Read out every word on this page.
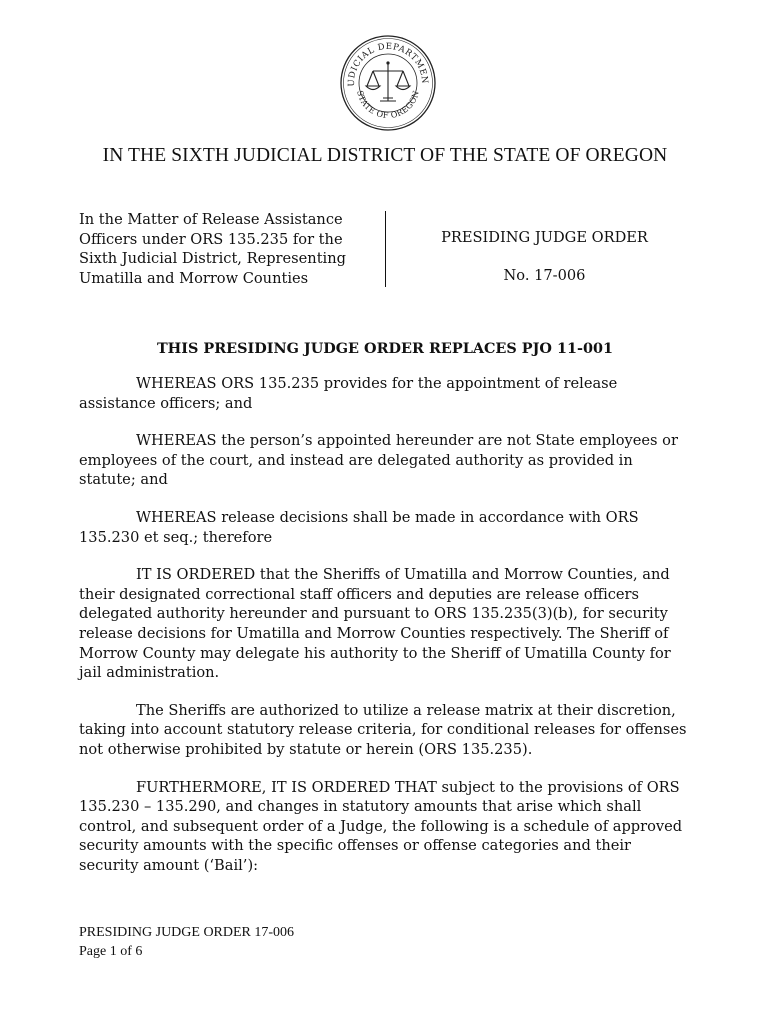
UDICIAL DEPARTMEN
STATE OF OREGON
IN THE SIXTH JUDICIAL DISTRICT OF THE STATE OF OREGON
In the Matter of Release Assistance
Officers under ORS 135.235 for the
Sixth Judicial District, Representing
Umatilla and Morrow Counties
PRESIDING JUDGE ORDER
No. 17-006
THIS PRESIDING JUDGE ORDER REPLACES PJO 11-001

WHEREAS ORS 135.235 provides for the appointment of release assistance officers; and

WHEREAS the person’s appointed hereunder are not State employees or employees of the court, and instead are delegated authority as provided in statute; and

WHEREAS release decisions shall be made in accordance with ORS 135.230 et seq.; therefore

IT IS ORDERED that the Sheriffs of Umatilla and Morrow Counties, and their designated correctional staff officers and deputies are release officers delegated authority hereunder and pursuant to ORS 135.235(3)(b), for security release decisions for Umatilla and Morrow Counties respectively. The Sheriff of Morrow County may delegate his authority to the Sheriff of Umatilla County for jail administration.

The Sheriffs are authorized to utilize a release matrix at their discretion, taking into account statutory release criteria, for conditional releases for offenses not otherwise prohibited by statute or herein (ORS 135.235).

FURTHERMORE, IT IS ORDERED THAT subject to the provisions of ORS 135.230 – 135.290, and changes in statutory amounts that arise which shall control, and subsequent order of a Judge, the following is a schedule of approved security amounts with the specific offenses or offense categories and their security amount (‘Bail’):

PRESIDING JUDGE ORDER 17-006
Page 1 of 6
